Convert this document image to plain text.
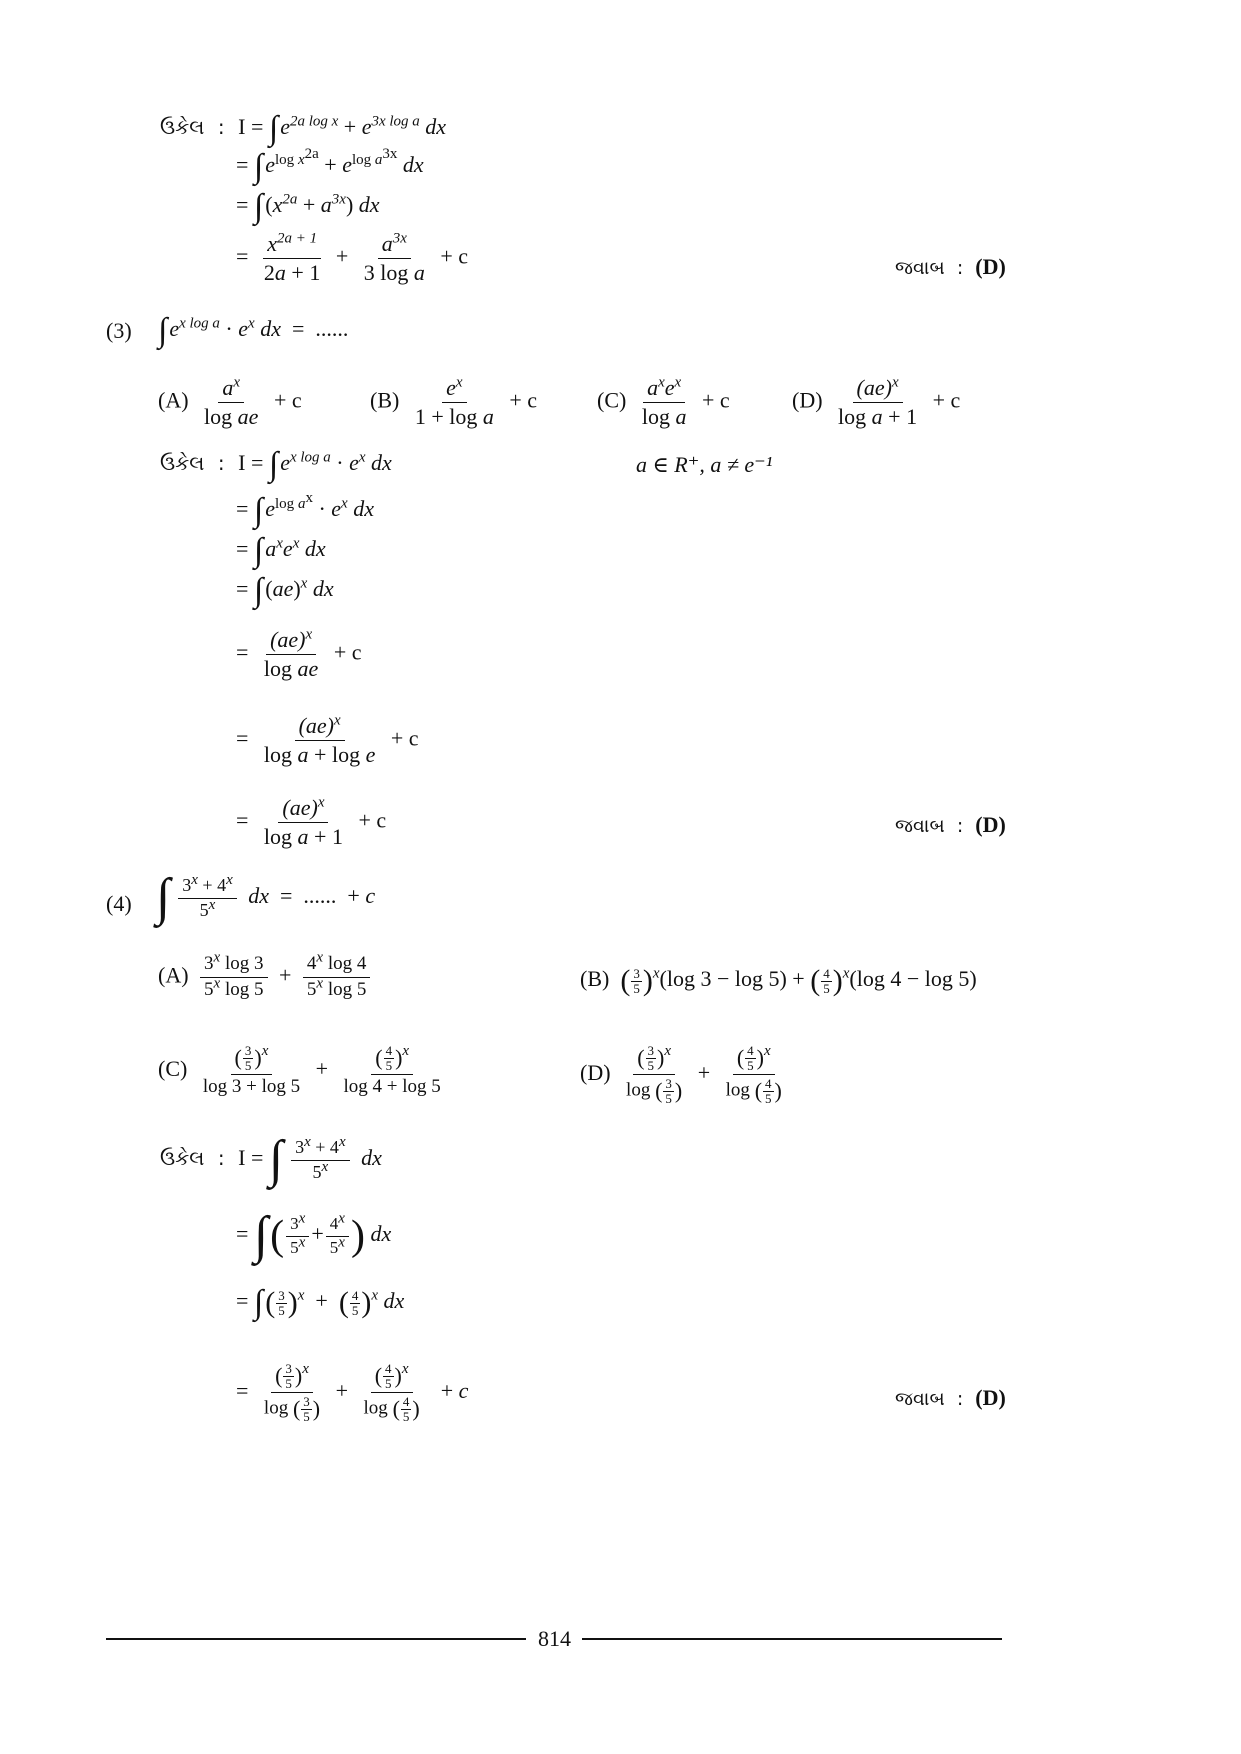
ઉકેલ : $I = \int e^{2a log x} + e^{3x log a}$ dx
= $\int e^{log x^{2a}} + e^{log a^{3x}}$ dx
= $\int(x^{2a} + a^{3x})$ dx
= $\frac{x^{2a + 1}}{2a + 1} + \frac{a^{3x}}{\text{3 log a}} + c$	જવાબ  :  (D)
(3) $\int e^{x log a} \cdot e^x$ dx  =  ......
$(A) \frac{a^x}{\text{log ae}} + c$	$(B) \frac{e^x}{\text{1 + log a}} + c$	$(C) \frac{a^xe^x}{\text{log a}} + c$	$(D) \frac{(ae)^x}{\text{log a + 1}} + c$
ઉકેલ : $I = \int e^{x log a} \cdot e^x$ dx	a ∈ R⁺, a ≠ e⁻¹
= $\int e^{log a^x} \cdot e^x$ dx
= $\int a^xe^x$ dx
= ∫(ae)$^x$ dx
= $\frac{(ae)^x}{\text{log ae}} + c$
= $\frac{(ae)^x}{\text{log a + log e}} + c$
= $\frac{(ae)^x}{\text{log a + 1}} + c$	જવાબ  :  (D)
(4) ∫ $\frac{3^x + 4^x}{5^x}$ dx  =  ......  + c
$(A) \frac{3^x \log 3}{5^x \log 5} + \frac{4^x \log 4}{5^x \log 5}$	(B) ( $\frac{3}{5} )^x(\log$ 3 − log 5) + ( $\frac{4}{5} )^x(\log$ 4 − log 5)
$(C) \frac{( \frac{3}{5} )^x}{\log 3 + \log 5} + \frac{( \frac{4}{5} )^x}{\log 4 + \log 5}$	$(D) \frac{( \frac{3}{5} )^x}{\log ( \frac{3}{5} )} + \frac{( \frac{4}{5} )^x}{\log ( \frac{4}{5} )}$
ઉકેલ : I = ∫ $\frac{3^x + 4^x}{5^x}$ dx
= ∫( $\frac{3^x}{5^x} + \frac{4^x}{5^x}$ ) dx
= ∫( $\frac{3}{5} )^x$  +  ( $\frac{4}{5} )^x$ dx
= $\frac{( \frac{3}{5} )^x}{\log ( \frac{3}{5} )} + \frac{( \frac{4}{5} )^x}{\log ( \frac{4}{5} )} + c$	જવાબ  :  (D)
814
